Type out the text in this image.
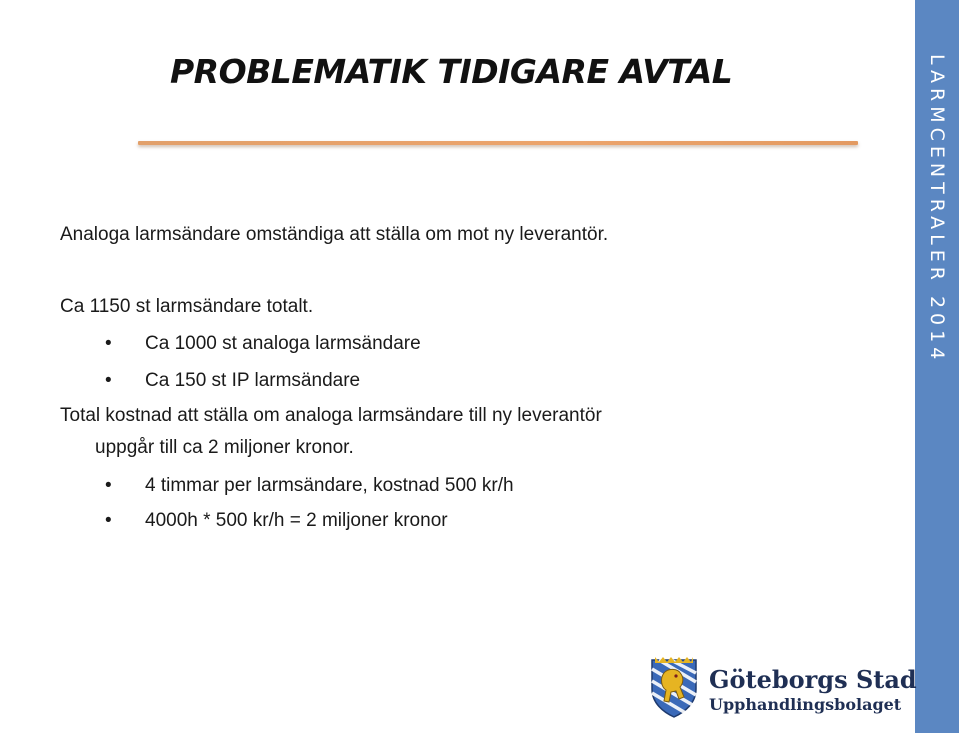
PROBLEMATIK TIDIGARE AVTAL
Analoga larmsändare omständiga att ställa om mot ny leverantör.
Ca 1150 st larmsändare totalt.
• Ca 1000 st analoga larmsändare
• Ca 150 st IP larmsändare
Total kostnad att ställa om analoga larmsändare till ny leverantör
uppgår till ca 2 miljoner kronor.
• 4 timmar per larmsändare, kostnad 500 kr/h
• 4000h * 500 kr/h = 2 miljoner kronor
LARMCENTRALER 2014
Göteborgs Stad
Upphandlingsbolaget
